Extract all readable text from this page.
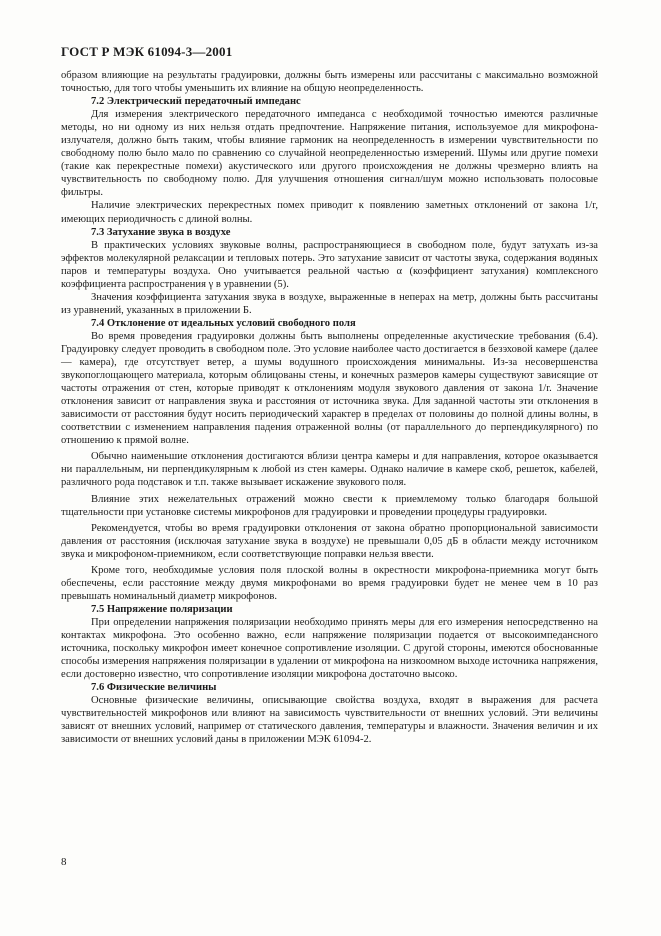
ГОСТ Р МЭК 61094-3—2001

образом влияющие на результаты градуировки, должны быть измерены или рассчитаны с максимально возможной точностью, для того чтобы уменьшить их влияние на общую неопределенность.

7.2 Электрический передаточный импеданс

Для измерения электрического передаточного импеданса с необходимой точностью имеются различные методы, но ни одному из них нельзя отдать предпочтение. Напряжение питания, используемое для микрофона-излучателя, должно быть таким, чтобы влияние гармоник на неопределенность в измерении чувствительности по свободному полю было мало по сравнению со случайной неопределенностью измерений. Шумы или другие помехи (такие как перекрестные помехи) акустического или другого происхождения не должны чрезмерно влиять на чувствительность по свободному полю. Для улучшения отношения сигнал/шум можно использовать полосовые фильтры.

Наличие электрических перекрестных помех приводит к появлению заметных отклонений от закона 1/r, имеющих периодичность с длиной волны.

7.3 Затухание звука в воздухе

В практических условиях звуковые волны, распространяющиеся в свободном поле, будут затухать из-за эффектов молекулярной релаксации и тепловых потерь. Это затухание зависит от частоты звука, содержания водяных паров и температуры воздуха. Оно учитывается реальной частью α (коэффициент затухания) комплексного коэффициента распространения γ в уравнении (5).

Значения коэффициента затухания звука в воздухе, выраженные в неперах на метр, должны быть рассчитаны из уравнений, указанных в приложении Б.

7.4 Отклонение от идеальных условий свободного поля

Во время проведения градуировки должны быть выполнены определенные акустические требования (6.4). Градуировку следует проводить в свободном поле. Это условие наиболее часто достигается в безэховой камере (далее — камера), где отсутствует ветер, а шумы водушного происхождения минимальны. Из-за несовершенства звукопоглощающего материала, которым облицованы стены, и конечных размеров камеры существуют зависящие от частоты отражения от стен, которые приводят к отклонениям модуля звукового давления от закона 1/r. Значение отклонения зависит от направления звука и расстояния от источника звука. Для заданной частоты эти отклонения в зависимости от расстояния будут носить периодический характер в пределах от половины до полной длины волны, в соответствии с изменением направления падения отраженной волны (от параллельного до перпендикулярного) по отношению к прямой волне.

Обычно наименьшие отклонения достигаются вблизи центра камеры и для направления, которое оказывается ни параллельным, ни перпендикулярным к любой из стен камеры. Однако наличие в камере скоб, решеток, кабелей, различного рода подставок и т.п. также вызывает искажение звукового поля.

Влияние этих нежелательных отражений можно свести к приемлемому только благодаря большой тщательности при установке системы микрофонов для градуировки и проведении процедуры градуировки.

Рекомендуется, чтобы во время градуировки отклонения от закона обратно пропорциональной зависимости давления от расстояния (исключая затухание звука в воздухе) не превышали 0,05 дБ в области между источником звука и микрофоном-приемником, если соответствующие поправки нельзя ввести.

Кроме того, необходимые условия поля плоской волны в окрестности микрофона-приемника могут быть обеспечены, если расстояние между двумя микрофонами во время градуировки будет не менее чем в 10 раз превышать номинальный диаметр микрофонов.

7.5 Напряжение поляризации

При определении напряжения поляризации необходимо принять меры для его измерения непосредственно на контактах микрофона. Это особенно важно, если напряжение поляризации подается от высокоимпедансного источника, поскольку микрофон имеет конечное сопротивление изоляции. С другой стороны, имеются обоснованные способы измерения напряжения поляризации в удалении от микрофона на низкоомном выходе источника напряжения, если достоверно известно, что сопротивление изоляции микрофона достаточно высоко.

7.6 Физические величины

Основные физические величины, описывающие свойства воздуха, входят в выражения для расчета чувствительностей микрофонов или влияют на зависимость чувствительности от внешних условий. Эти величины зависят от внешних условий, например от статического давления, температуры и влажности. Значения величин и их зависимости от внешних условий даны в приложении МЭК 61094-2.

8
